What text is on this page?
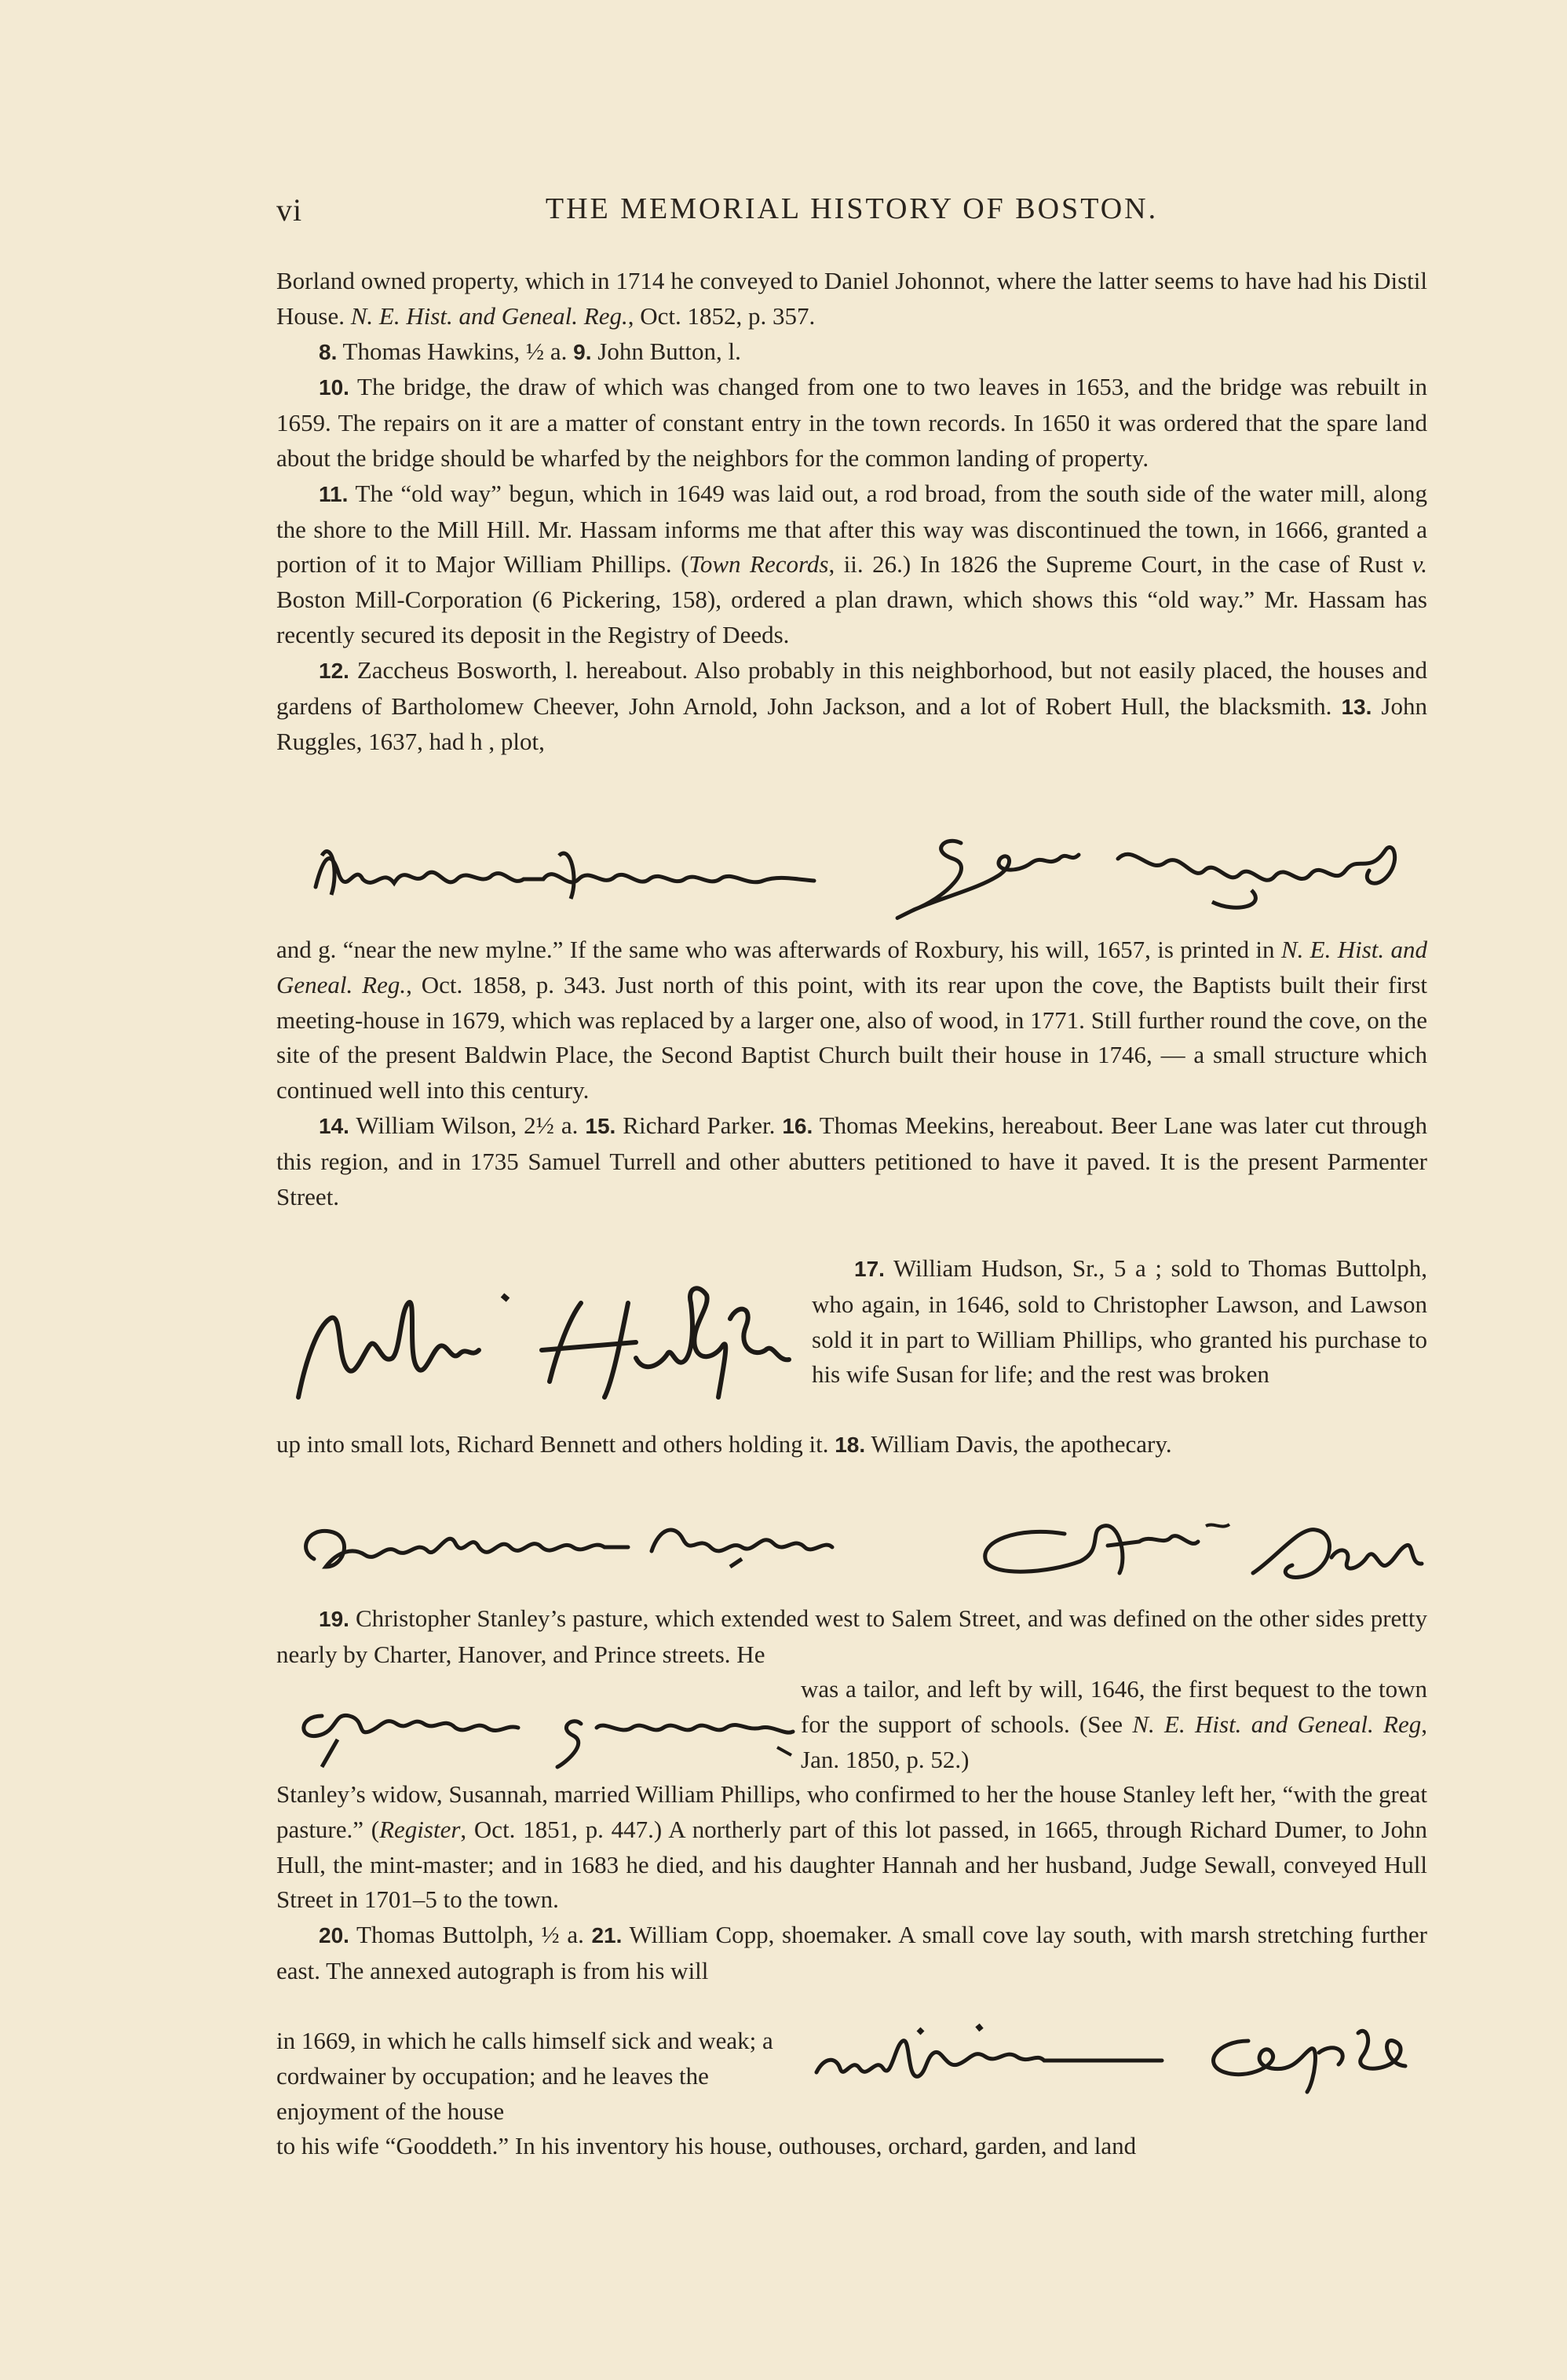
vi	THE MEMORIAL HISTORY OF BOSTON.

Borland owned property, which in 1714 he conveyed to Daniel Johonnot, where the latter seems to have had his Distil House. N. E. Hist. and Geneal. Reg., Oct. 1852, p. 357.

8. Thomas Hawkins, ½ a. 9. John Button, l.

10. The bridge, the draw of which was changed from one to two leaves in 1653, and the bridge was rebuilt in 1659. The repairs on it are a matter of constant entry in the town records. In 1650 it was ordered that the spare land about the bridge should be wharfed by the neighbors for the common landing of property.

11. The “old way” begun, which in 1649 was laid out, a rod broad, from the south side of the water mill, along the shore to the Mill Hill. Mr. Hassam informs me that after this way was discontinued the town, in 1666, granted a portion of it to Major William Phillips. (Town Records, ii. 26.) In 1826 the Supreme Court, in the case of Rust v. Boston Mill-Corporation (6 Pickering, 158), ordered a plan drawn, which shows this “old way.” Mr. Hassam has recently secured its deposit in the Registry of Deeds.

12. Zaccheus Bosworth, l. hereabout. Also probably in this neighborhood, but not easily placed, the houses and gardens of Bartholomew Cheever, John Arnold, John Jackson, and a lot of Robert Hull, the blacksmith. 13. John Ruggles, 1637, had h , plot,

and g. “near the new mylne.” If the same who was afterwards of Roxbury, his will, 1657, is printed in N. E. Hist. and Geneal. Reg., Oct. 1858, p. 343. Just north of this point, with its rear upon the cove, the Baptists built their first meeting-house in 1679, which was replaced by a larger one, also of wood, in 1771. Still further round the cove, on the site of the present Baldwin Place, the Second Baptist Church built their house in 1746, — a small structure which continued well into this century.

14. William Wilson, 2½ a. 15. Richard Parker. 16. Thomas Meekins, hereabout. Beer Lane was later cut through this region, and in 1735 Samuel Turrell and other abutters petitioned to have it paved. It is the present Parmenter Street.

17. William Hudson, Sr., 5 a ; sold to Thomas Buttolph, who again, in 1646, sold to Christopher Lawson, and Lawson sold it in part to William Phillips, who granted his purchase to his wife Susan for life; and the rest was broken

up into small lots, Richard Bennett and others holding it. 18. William Davis, the apothecary.

19. Christopher Stanley’s pasture, which extended west to Salem Street, and was defined on the other sides pretty nearly by Charter, Hanover, and Prince streets. He

was a tailor, and left by will, 1646, the first bequest to the town for the support of schools. (See N. E. Hist. and Geneal. Reg, Jan. 1850, p. 52.)

Stanley’s widow, Susannah, married William Phillips, who confirmed to her the house Stanley left her, “with the great pasture.” (Register, Oct. 1851, p. 447.) A northerly part of this lot passed, in 1665, through Richard Dumer, to John Hull, the mint-master; and in 1683 he died, and his daughter Hannah and her husband, Judge Sewall, conveyed Hull Street in 1701–5 to the town.

20. Thomas Buttolph, ½ a. 21. William Copp, shoemaker. A small cove lay south, with marsh stretching further east. The annexed autograph is from his will

in 1669, in which he calls himself sick and weak; a cordwainer by occupation; and he leaves the enjoyment of the house

to his wife “Gooddeth.” In his inventory his house, outhouses, orchard, garden, and land
